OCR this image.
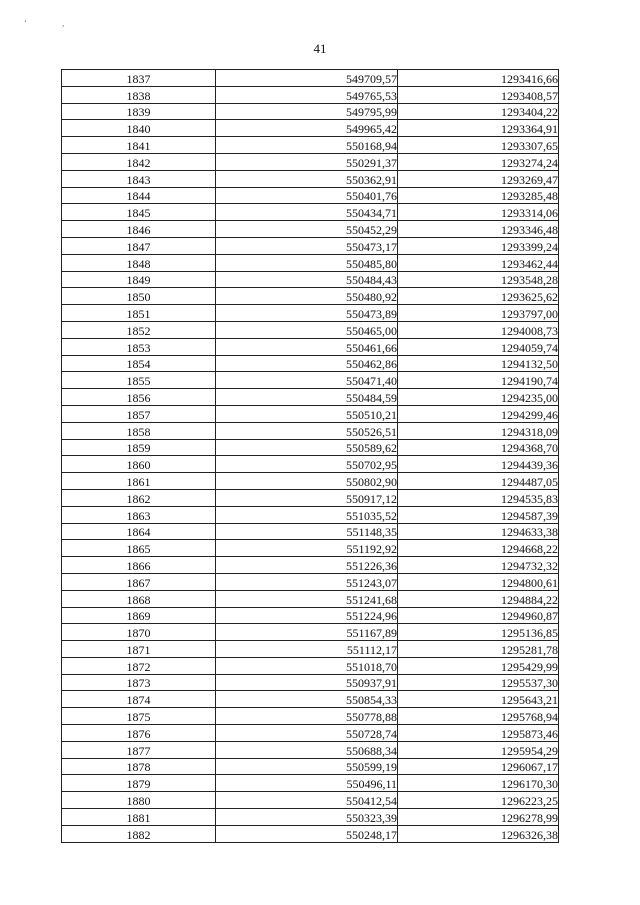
‘	,
41
1837	549709,57	1293416,66
1838	549765,53	1293408,57
1839	549795,99	1293404,22
1840	549965,42	1293364,91
1841	550168,94	1293307,65
1842	550291,37	1293274,24
1843	550362,91	1293269,47
1844	550401,76	1293285,48
1845	550434,71	1293314,06
1846	550452,29	1293346,48
1847	550473,17	1293399,24
1848	550485,80	1293462,44
1849	550484,43	1293548,28
1850	550480,92	1293625,62
1851	550473,89	1293797,00
1852	550465,00	1294008,73
1853	550461,66	1294059,74
1854	550462,86	1294132,50
1855	550471,40	1294190,74
1856	550484,59	1294235,00
1857	550510,21	1294299,46
1858	550526,51	1294318,09
1859	550589,62	1294368,70
1860	550702,95	1294439,36
1861	550802,90	1294487,05
1862	550917,12	1294535,83
1863	551035,52	1294587,39
1864	551148,35	1294633,38
1865	551192,92	1294668,22
1866	551226,36	1294732,32
1867	551243,07	1294800,61
1868	551241,68	1294884,22
1869	551224,96	1294960,87
1870	551167,89	1295136,85
1871	551112,17	1295281,78
1872	551018,70	1295429,99
1873	550937,91	1295537,30
1874	550854,33	1295643,21
1875	550778,88	1295768,94
1876	550728,74	1295873,46
1877	550688,34	1295954,29
1878	550599,19	1296067,17
1879	550496,11	1296170,30
1880	550412,54	1296223,25
1881	550323,39	1296278,99
1882	550248,17	1296326,38
